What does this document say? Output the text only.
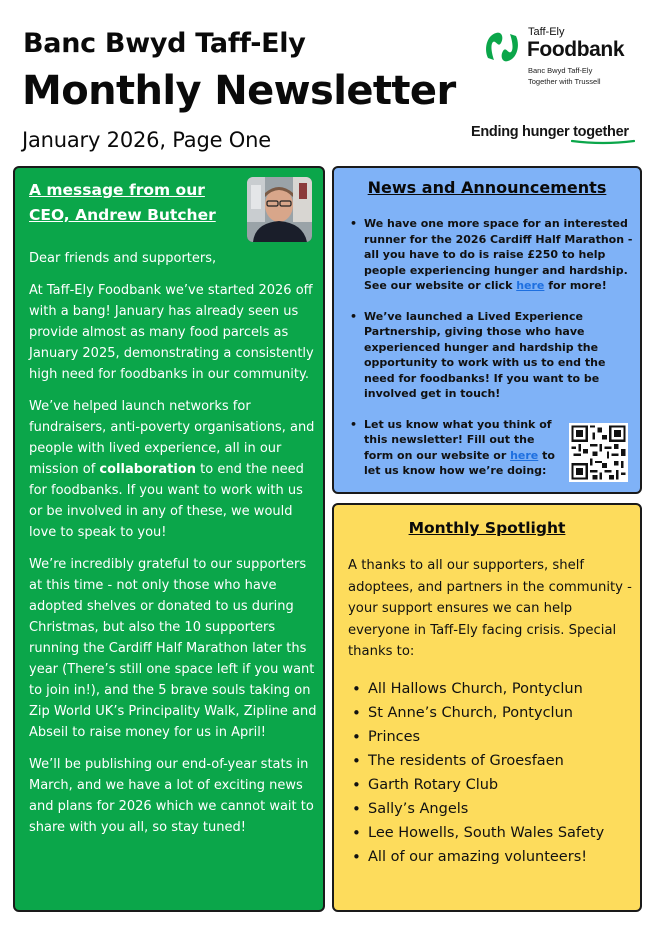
Banc Bwyd Taff-Ely
Monthly Newsletter
January 2026, Page One
Taff-Ely
Foodbank
Banc Bwyd Taff-Ely
Together with Trussell
Ending hunger together
A message from our CEO, Andrew Butcher

Dear friends and supporters,

At Taff-Ely Foodbank we’ve started 2026 off with a bang! January has already seen us provide almost as many food parcels as January 2025, demonstrating a consistently high need for foodbanks in our community.

We’ve helped launch networks for fundraisers, anti-poverty organisations, and people with lived experience, all in our mission of collaboration to end the need for foodbanks. If you want to work with us or be involved in any of these, we would love to speak to you!

We’re incredibly grateful to our supporters at this time - not only those who have adopted shelves or donated to us during Christmas, but also the 10 supporters running the Cardiff Half Marathon later ths year (There’s still one space left if you want to join in!), and the 5 brave souls taking on Zip World UK’s Principality Walk, Zipline and Abseil to raise money for us in April!

We’ll be publishing our end-of-year stats in March, and we have a lot of exciting news and plans for 2026 which we cannot wait to share with you all, so stay tuned!

News and Announcements
• We have one more space for an interested runner for the 2026 Cardiff Half Marathon - all you have to do is raise £250 to help people experiencing hunger and hardship. See our website or click here for more!
• We’ve launched a Lived Experience Partnership, giving those who have experienced hunger and hardship the opportunity to work with us to end the need for foodbanks! If you want to be involved get in touch!
• Let us know what you think of this newsletter! Fill out the form on our website or here to let us know how we’re doing:
Monthly Spotlight
A thanks to all our supporters, shelf adoptees, and partners in the community - your support ensures we can help everyone in Taff-Ely facing crisis. Special thanks to:
• All Hallows Church, Pontyclun
• St Anne’s Church, Pontyclun
• Princes
• The residents of Groesfaen
• Garth Rotary Club
• Sally’s Angels
• Lee Howells, South Wales Safety
• All of our amazing volunteers!
